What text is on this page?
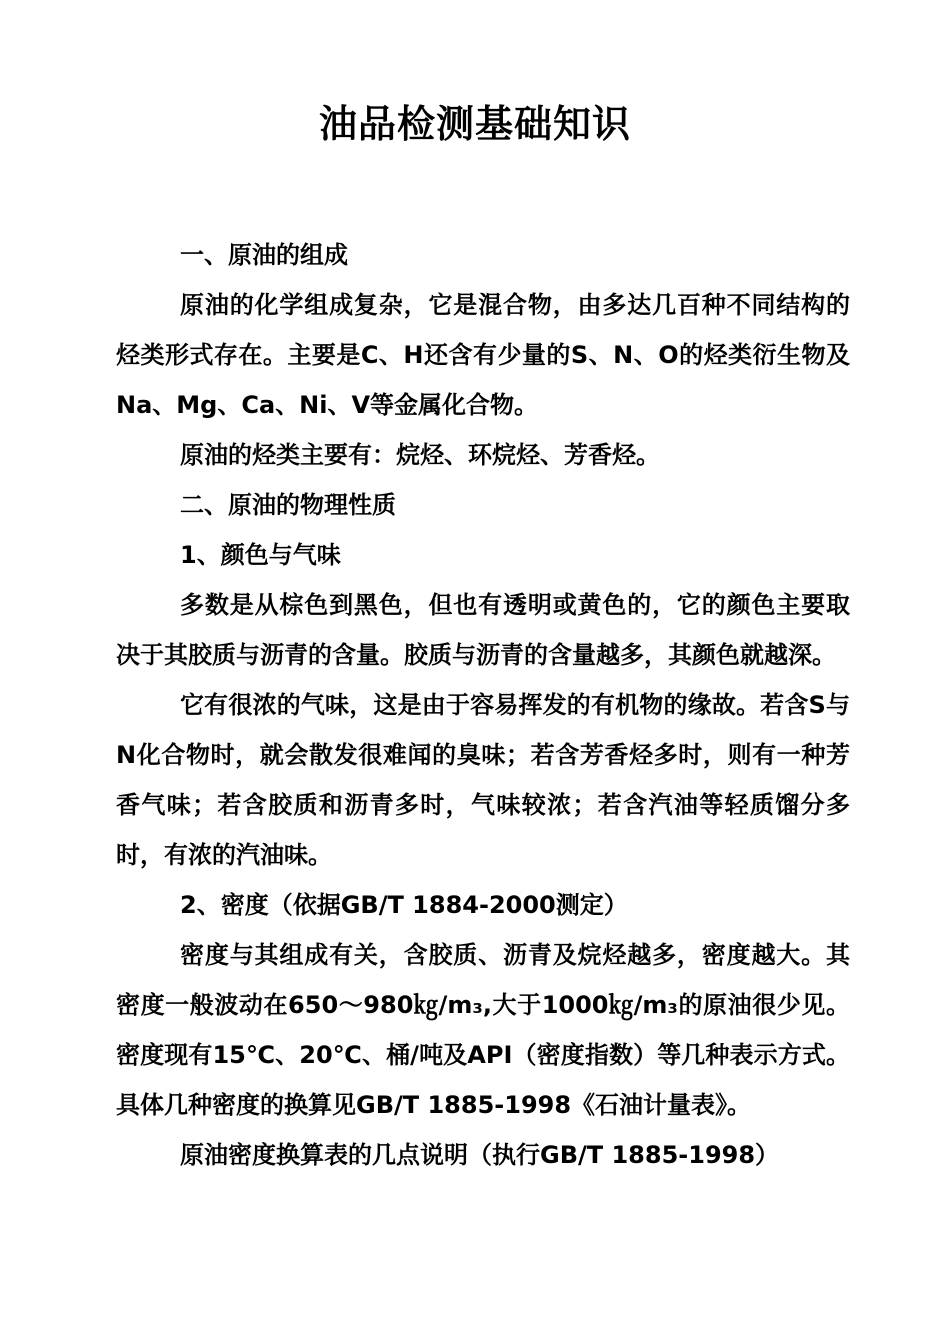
油品检测基础知识

一、原油的组成

原油的化学组成复杂，它是混合物，由多达几百种不同结构的烃类形式存在。主要是C、H还含有少量的S、N、O的烃类衍生物及Na、Mg、Ca、Ni、V等金属化合物。

原油的烃类主要有：烷烃、环烷烃、芳香烃。

二、原油的物理性质

1、颜色与气味

多数是从棕色到黑色，但也有透明或黄色的，它的颜色主要取决于其胶质与沥青的含量。胶质与沥青的含量越多，其颜色就越深。

它有很浓的气味，这是由于容易挥发的有机物的缘故。若含S与N化合物时，就会散发很难闻的臭味；若含芳香烃多时，则有一种芳香气味；若含胶质和沥青多时，气味较浓；若含汽油等轻质馏分多时，有浓的汽油味。

2、密度（依据GB/T 1884-2000测定）

密度与其组成有关，含胶质、沥青及烷烃越多，密度越大。其密度一般波动在650～980㎏/m₃,大于1000㎏/m₃的原油很少见。密度现有15℃、20℃、桶/吨及API（密度指数）等几种表示方式。具体几种密度的换算见GB/T 1885-1998《石油计量表》。

原油密度换算表的几点说明（执行GB/T 1885-1998）
